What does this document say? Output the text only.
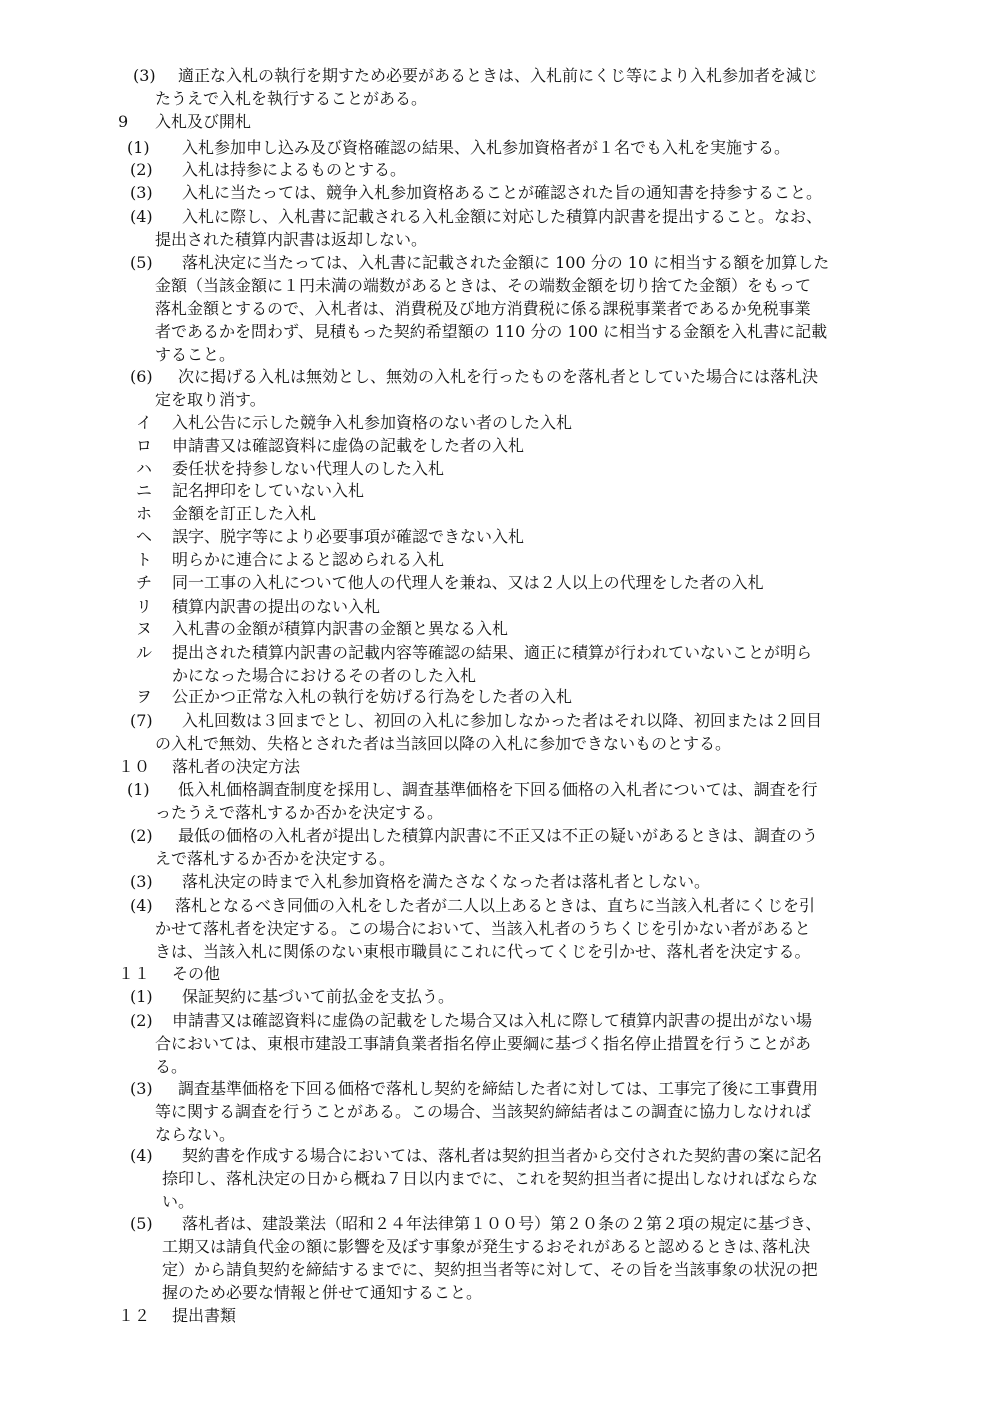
(3) 適正な入札の執行を期すため必要があるときは、入札前にくじ等により入札参加者を減じ
たうえで入札を執行することがある。
9 入札及び開札
(1) 入札参加申し込み及び資格確認の結果、入札参加資格者が１名でも入札を実施する。
(2) 入札は持参によるものとする。
(3) 入札に当たっては、競争入札参加資格あることが確認された旨の通知書を持参すること。
(4) 入札に際し、入札書に記載される入札金額に対応した積算内訳書を提出すること。なお、
提出された積算内訳書は返却しない。
(5) 落札決定に当たっては、入札書に記載された金額に 100 分の 10 に相当する額を加算した
金額（当該金額に１円未満の端数があるときは、その端数金額を切り捨てた金額）をもって
落札金額とするので、入札者は、消費税及び地方消費税に係る課税事業者であるか免税事業
者であるかを問わず、見積もった契約希望額の 110 分の 100 に相当する金額を入札書に記載
すること。
(6) 次に掲げる入札は無効とし、無効の入札を行ったものを落札者としていた場合には落札決
定を取り消す。
イ 入札公告に示した競争入札参加資格のない者のした入札
ロ 申請書又は確認資料に虚偽の記載をした者の入札
ハ 委任状を持参しない代理人のした入札
ニ 記名押印をしていない入札
ホ 金額を訂正した入札
ヘ 誤字、脱字等により必要事項が確認できない入札
ト 明らかに連合によると認められる入札
チ 同一工事の入札について他人の代理人を兼ね、又は２人以上の代理をした者の入札
リ 積算内訳書の提出のない入札
ヌ 入札書の金額が積算内訳書の金額と異なる入札
ル 提出された積算内訳書の記載内容等確認の結果、適正に積算が行われていないことが明ら
かになった場合におけるその者のした入札
ヲ 公正かつ正常な入札の執行を妨げる行為をした者の入札
(7) 入札回数は３回までとし、初回の入札に参加しなかった者はそれ以降、初回または２回目
の入札で無効、失格とされた者は当該回以降の入札に参加できないものとする。
１０ 落札者の決定方法
(1) 低入札価格調査制度を採用し、調査基準価格を下回る価格の入札者については、調査を行
ったうえで落札するか否かを決定する。
(2) 最低の価格の入札者が提出した積算内訳書に不正又は不正の疑いがあるときは、調査のう
えで落札するか否かを決定する。
(3) 落札決定の時まで入札参加資格を満たさなくなった者は落札者としない。
(4) 落札となるべき同価の入札をした者が二人以上あるときは、直ちに当該入札者にくじを引
かせて落札者を決定する。この場合において、当該入札者のうちくじを引かない者があると
きは、当該入札に関係のない東根市職員にこれに代ってくじを引かせ、落札者を決定する。
１１ その他
(1) 保証契約に基づいて前払金を支払う。
(2) 申請書又は確認資料に虚偽の記載をした場合又は入札に際して積算内訳書の提出がない場
合においては、東根市建設工事請負業者指名停止要綱に基づく指名停止措置を行うことがあ
る。
(3) 調査基準価格を下回る価格で落札し契約を締結した者に対しては、工事完了後に工事費用
等に関する調査を行うことがある。この場合、当該契約締結者はこの調査に協力しなければ
ならない。
(4) 契約書を作成する場合においては、落札者は契約担当者から交付された契約書の案に記名
捺印し、落札決定の日から概ね７日以内までに、これを契約担当者に提出しなければならな
い。
(5) 落札者は、建設業法（昭和２４年法律第１００号）第２０条の２第２項の規定に基づき、
工期又は請負代金の額に影響を及ぼす事象が発生するおそれがあると認めるときは､落札決
定）から請負契約を締結するまでに、契約担当者等に対して、その旨を当該事象の状況の把
握のため必要な情報と併せて通知すること。
１２ 提出書類
